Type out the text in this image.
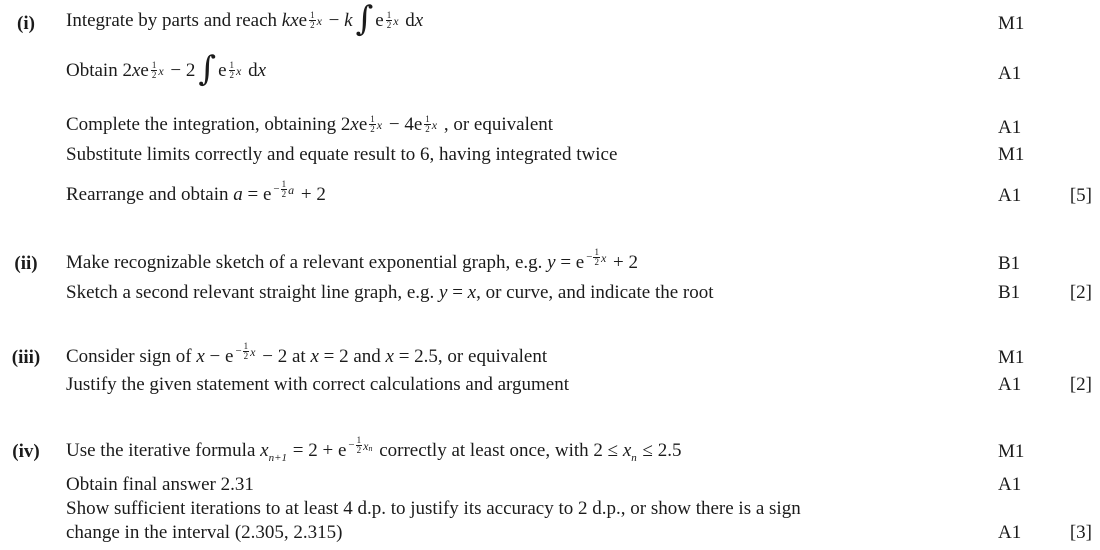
(i)	Integrate by parts and reach kxe $\frac{1}{2}$ x − k∫ e $\frac{1}{2}$ x dx	M1
Obtain $2xe \frac{1}{2}$ x − 2∫ e $\frac{1}{2}$ x dx	A1
Complete the integration, obtaining $2xe \frac{1}{2}$ $x - 4e \frac{1}{2}$ x , or equivalent	A1
Substitute limits correctly and equate result to 6, having integrated twice	M1
Rearrange and obtain $a = e - \frac{1}{2}$ a + 2	A1	[5]
(ii)	Make recognizable sketch of a relevant exponential graph, e.g. $y = e - \frac{1}{2}$ x + 2	B1
Sketch a second relevant straight line graph, e.g. y = x, or curve, and indicate the root	B1	[2]
(iii)	Consider sign of $x - e - \frac{1}{2}$ x − 2 at x = 2 and x = 2.5, or equivalent	M1
Justify the given statement with correct calculations and argument	A1	[2]
(iv)	Use the iterative formula $x_{n+1} = 2 + e - \frac{1}{2}$ x n correctly at least once, with $2 \le x_n \le 2.5$	M1
Obtain final answer 2.31	A1
Show sufficient iterations to at least 4 d.p. to justify its accuracy to 2 d.p., or show there is a sign
change in the interval (2.305, 2.315)	A1	[3]
